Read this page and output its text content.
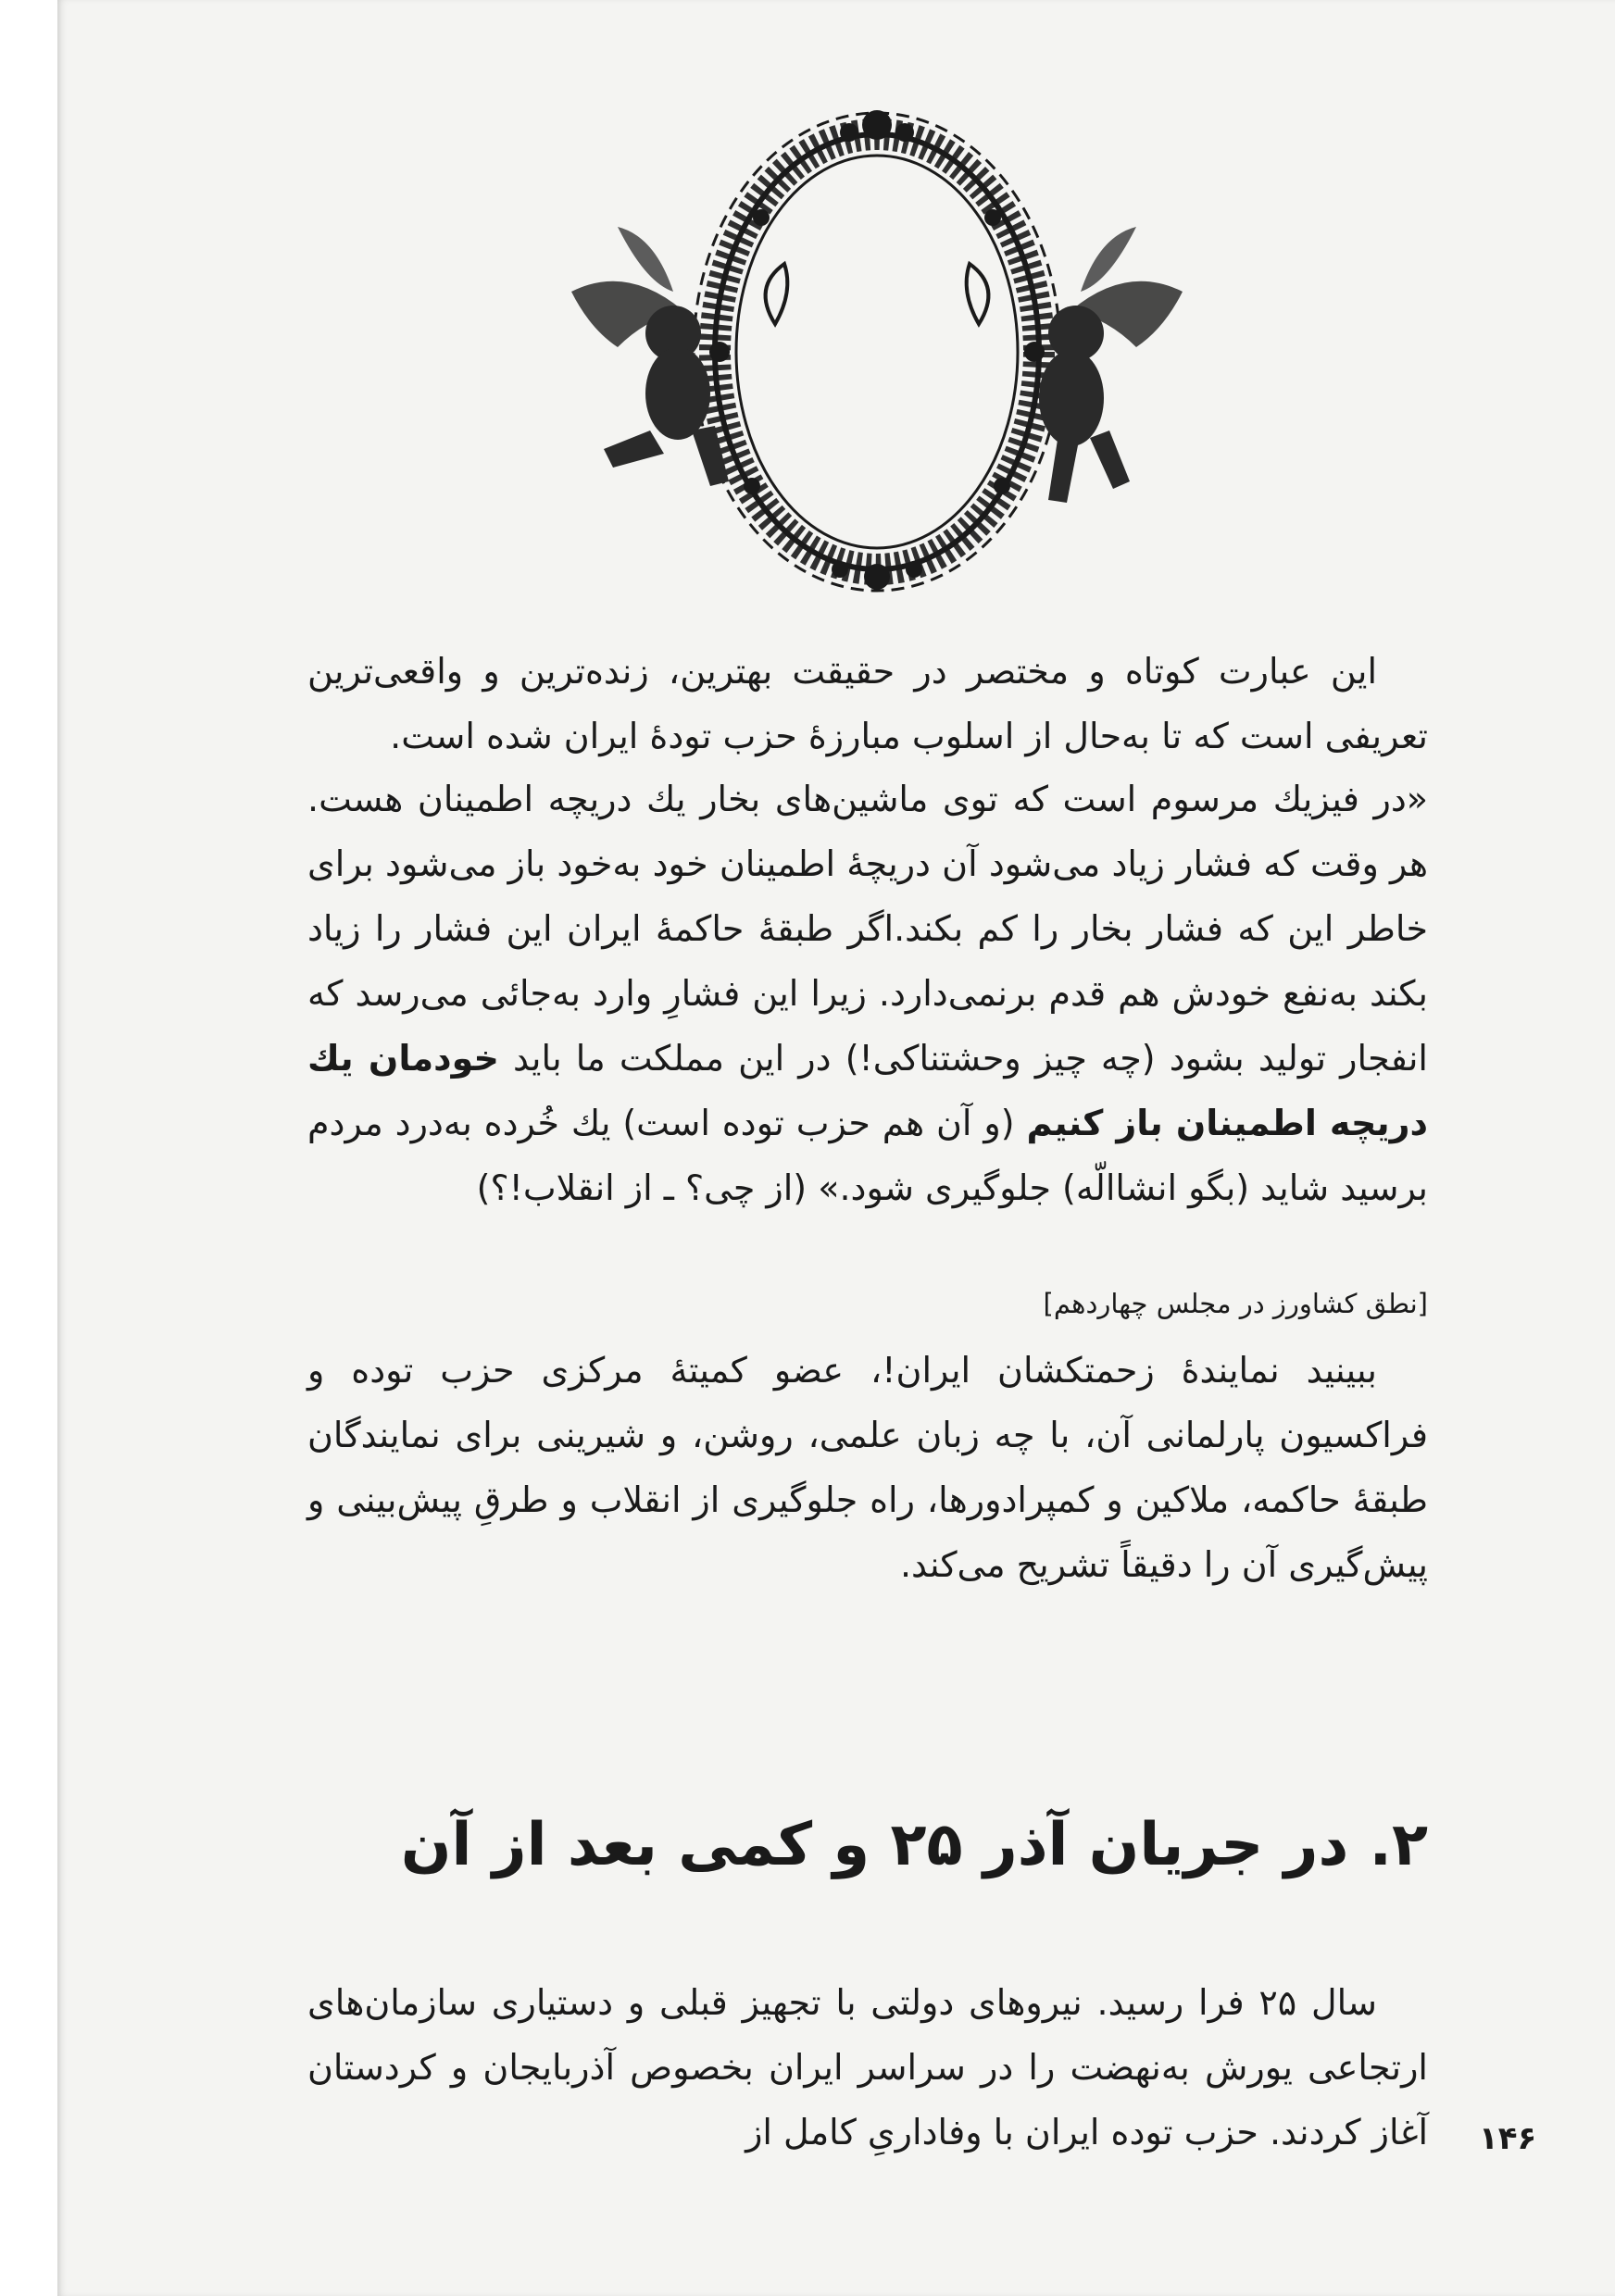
این عبارت کوتاه و مختصر در حقیقت بهترین، زنده‌ترین و واقعی‌ترین تعریفی است که تا به‌حال از اسلوب مبارزهٔ حزب تودهٔ ایران شده است.

«در فیزیك مرسوم است که توی ماشین‌های بخار یك دریچه اطمینان هست. هر وقت که فشار زیاد می‌شود آن دریچهٔ اطمینان خود به‌خود باز می‌شود برای خاطر این که فشار بخار را کم بکند.اگر طبقهٔ حاکمهٔ ایران این فشار را زیاد بکند به‌نفع خودش هم قدم برنمی‌دارد. زیرا این فشارِ وارد به‌جائی می‌رسد که انفجار تولید بشود (چه چیز وحشتناکی!) در این مملکت ما باید خودمان یك دریچه اطمینان باز کنیم (و آن هم حزب توده است) یك خُرده به‌درد مردم برسید شاید (بگو انشاالّه) جلوگیری شود.» (از چی؟ ـ از انقلاب!؟)

[نطق کشاورز در مجلس چهاردهم]

ببینید نمایندهٔ زحمتکشان ایران!، عضو کمیتهٔ مرکزی حزب توده و فراکسیون پارلمانی آن، با چه زبان علمی، روشن، و شیرینی برای نمایندگان طبقهٔ حاکمه، ملاکین و کمپرادورها، راه جلوگیری از انقلاب و طرقِ پیش‌بینی و پیش‌گیری آن را دقیقاً تشریح می‌کند.

۲. در جریان آذر ۲۵ و کمی بعد از آن

سال ۲۵ فرا رسید. نیروهای دولتی با تجهیز قبلی و دستیاری سازمان‌های ارتجاعی یورش به‌نهضت را در سراسر ایران بخصوص آذربایجان و کردستان آغاز کردند. حزب توده ایران با وفاداریِ کامل از ۱۴۶
